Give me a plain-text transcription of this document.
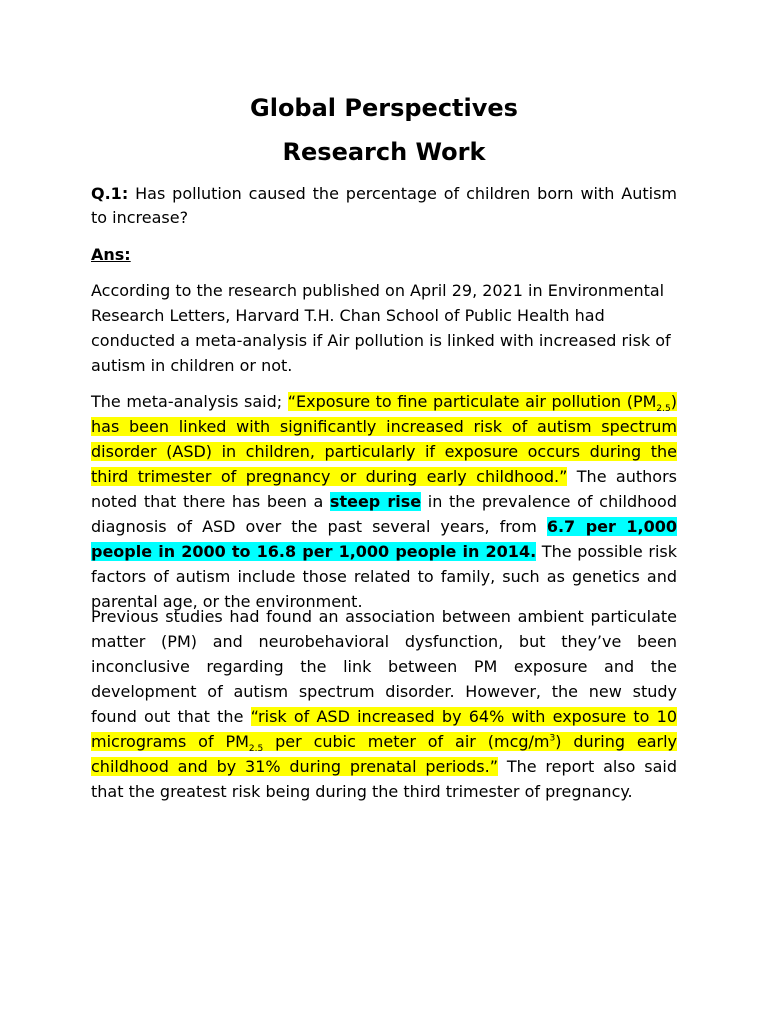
Global Perspectives
Research Work

Q.1: Has pollution caused the percentage of children born with Autism to increase?

Ans:

According to the research published on April 29, 2021 in Environmental Research Letters, Harvard T.H. Chan School of Public Health had conducted a meta-analysis if Air pollution is linked with increased risk of autism in children or not.

The meta-analysis said; “Exposure to fine particulate air pollution $(PM_{2.5})$ has been linked with significantly increased risk of autism spectrum disorder (ASD) in children, particularly if exposure occurs during the third trimester of pregnancy or during early childhood.” The authors noted that there has been a steep rise in the prevalence of childhood diagnosis of ASD over the past several years, from 6.7 per 1,000 people in 2000 to 16.8 per 1,000 people in 2014. The possible risk factors of autism include those related to family, such as genetics and parental age, or the environment.

Previous studies had found an association between ambient particulate matter (PM) and neurobehavioral dysfunction, but they’ve been inconclusive regarding the link between PM exposure and the development of autism spectrum disorder. However, the new study found out that the “risk of ASD increased by 64% with exposure to 10 micrograms of $PM_{2.5}$ per cubic meter of air $(mcg/m^3)$ during early childhood and by 31% during prenatal periods.” The report also said that the greatest risk being during the third trimester of pregnancy.
